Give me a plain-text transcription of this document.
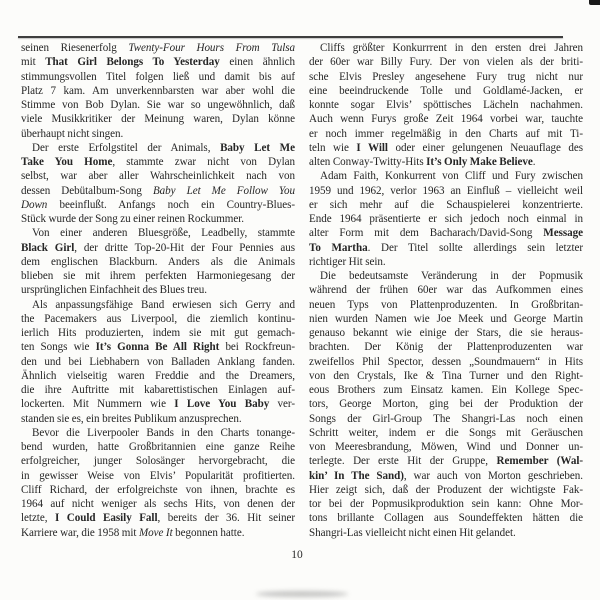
seinen Riesenerfolg Twenty-Four Hours From Tulsa
mit That Girl Belongs To Yesterday einen ähnlich
stimmungsvollen Titel folgen ließ und damit bis auf
Platz 7 kam. Am unverkennbarsten war aber wohl die
Stimme von Bob Dylan. Sie war so ungewöhnlich, daß
viele Musikkritiker der Meinung waren, Dylan könne
überhaupt nicht singen.
Der erste Erfolgstitel der Animals, Baby Let Me
Take You Home, stammte zwar nicht von Dylan
selbst, war aber aller Wahrscheinlichkeit nach von
dessen Debütalbum-Song Baby Let Me Follow You
Down beeinflußt. Anfangs noch ein Country-Blues-
Stück wurde der Song zu einer reinen Rockummer.
Von einer anderen Bluesgröße, Leadbelly, stammte
Black Girl, der dritte Top-20-Hit der Four Pennies aus
dem englischen Blackburn. Anders als die Animals
blieben sie mit ihrem perfekten Harmoniegesang der
ursprünglichen Einfachheit des Blues treu.
Als anpassungsfähige Band erwiesen sich Gerry and
the Pacemakers aus Liverpool, die ziemlich kontinu-
ierlich Hits produzierten, indem sie mit gut gemach-
ten Songs wie It’s Gonna Be All Right bei Rockfreun-
den und bei Liebhabern von Balladen Anklang fanden.
Ähnlich vielseitig waren Freddie and the Dreamers,
die ihre Auftritte mit kabarettistischen Einlagen auf-
lockerten. Mit Nummern wie I Love You Baby ver-
standen sie es, ein breites Publikum anzusprechen.
Bevor die Liverpooler Bands in den Charts tonange-
bend wurden, hatte Großbritannien eine ganze Reihe
erfolgreicher, junger Solosänger hervorgebracht, die
in gewisser Weise von Elvis’ Popularität profitierten.
Cliff Richard, der erfolgreichste von ihnen, brachte es
1964 auf nicht weniger als sechs Hits, von denen der
letzte, I Could Easily Fall, bereits der 36. Hit seiner
Karriere war, die 1958 mit Move It begonnen hatte.
Cliffs größter Konkurrrent in den ersten drei Jahren
der 60er war Billy Fury. Der von vielen als der briti-
sche Elvis Presley angesehene Fury trug nicht nur
eine beeindruckende Tolle und Goldlamé-Jacken, er
konnte sogar Elvis’ spöttisches Lächeln nachahmen.
Auch wenn Furys große Zeit 1964 vorbei war, tauchte
er noch immer regelmäßig in den Charts auf mit Ti-
teln wie I Will oder einer gelungenen Neuauflage des
alten Conway-Twitty-Hits It’s Only Make Believe.
Adam Faith, Konkurrent von Cliff und Fury zwischen
1959 und 1962, verlor 1963 an Einfluß – vielleicht weil
er sich mehr auf die Schauspielerei konzentrierte.
Ende 1964 präsentierte er sich jedoch noch einmal in
alter Form mit dem Bacharach/David-Song Message
To Martha. Der Titel sollte allerdings sein letzter
richtiger Hit sein.
Die bedeutsamste Veränderung in der Popmusik
während der frühen 60er war das Aufkommen eines
neuen Typs von Plattenproduzenten. In Großbritan-
nien wurden Namen wie Joe Meek und George Martin
genauso bekannt wie einige der Stars, die sie heraus-
brachten. Der König der Plattenproduzenten war
zweifellos Phil Spector, dessen „Soundmauern“ in Hits
von den Crystals, Ike & Tina Turner und den Right-
eous Brothers zum Einsatz kamen. Ein Kollege Spec-
tors, George Morton, ging bei der Produktion der
Songs der Girl-Group The Shangri-Las noch einen
Schritt weiter, indem er die Songs mit Geräuschen
von Meeresbrandung, Möwen, Wind und Donner un-
terlegte. Der erste Hit der Gruppe, Remember (Wal-
kin’ In The Sand), war auch von Morton geschrieben.
Hier zeigt sich, daß der Produzent der wichtigste Fak-
tor bei der Popmusikproduktion sein kann: Ohne Mor-
tons brillante Collagen aus Soundeffekten hätten die
Shangri-Las vielleicht nicht einen Hit gelandet.
10
